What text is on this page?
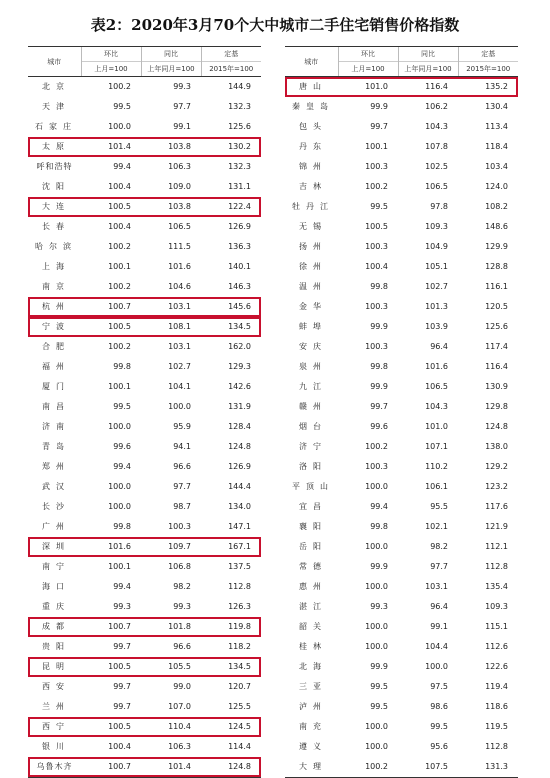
表2：2020年3月70个大中城市二手住宅销售价格指数
城市	环比	同比	定基
	上月=100	上年同月=100	2015年=100
北京	100.2	99.3	144.9
天津	99.5	97.7	132.3
石家庄	100.0	99.1	125.6
太原	101.4	103.8	130.2
呼和浩特	99.4	106.3	132.3
沈阳	100.4	109.0	131.1
大连	100.5	103.8	122.4
长春	100.4	106.5	126.9
哈尔滨	100.2	111.5	136.3
上海	100.1	101.6	140.1
南京	100.2	104.6	146.3
杭州	100.7	103.1	145.6
宁波	100.5	108.1	134.5
合肥	100.2	103.1	162.0
福州	99.8	102.7	129.3
厦门	100.1	104.1	142.6
南昌	99.5	100.0	131.9
济南	100.0	95.9	128.4
青岛	99.6	94.1	124.8
郑州	99.4	96.6	126.9
武汉	100.0	97.7	144.4
长沙	100.0	98.7	134.0
广州	99.8	100.3	147.1
深圳	101.6	109.7	167.1
南宁	100.1	106.8	137.5
海口	99.4	98.2	112.8
重庆	99.3	99.3	126.3
成都	100.7	101.8	119.8
贵阳	99.7	96.6	118.2
昆明	100.5	105.5	134.5
西安	99.7	99.0	120.7
兰州	99.7	107.0	125.5
西宁	100.5	110.4	124.5
银川	100.4	106.3	114.4
乌鲁木齐	100.7	101.4	124.8
城市	环比	同比	定基
	上月=100	上年同月=100	2015年=100
唐山	101.0	116.4	135.2
秦皇岛	99.9	106.2	130.4
包头	99.7	104.3	113.4
丹东	100.1	107.8	118.4
锦州	100.3	102.5	103.4
吉林	100.2	106.5	124.0
牡丹江	99.5	97.8	108.2
无锡	100.5	109.3	148.6
扬州	100.3	104.9	129.9
徐州	100.4	105.1	128.8
温州	99.8	102.7	116.1
金华	100.3	101.3	120.5
蚌埠	99.9	103.9	125.6
安庆	100.3	96.4	117.4
泉州	99.8	101.6	116.4
九江	99.9	106.5	130.9
赣州	99.7	104.3	129.8
烟台	99.6	101.0	124.8
济宁	100.2	107.1	138.0
洛阳	100.3	110.2	129.2
平顶山	100.0	106.1	123.2
宜昌	99.4	95.5	117.6
襄阳	99.8	102.1	121.9
岳阳	100.0	98.2	112.1
常德	99.9	97.7	112.8
惠州	100.0	103.1	135.4
湛江	99.3	96.4	109.3
韶关	100.0	99.1	115.1
桂林	100.0	104.4	112.6
北海	99.9	100.0	122.6
三亚	99.5	97.5	119.4
泸州	99.5	98.6	118.6
南充	100.0	99.5	119.5
遵义	100.0	95.6	112.8
大理	100.2	107.5	131.3
